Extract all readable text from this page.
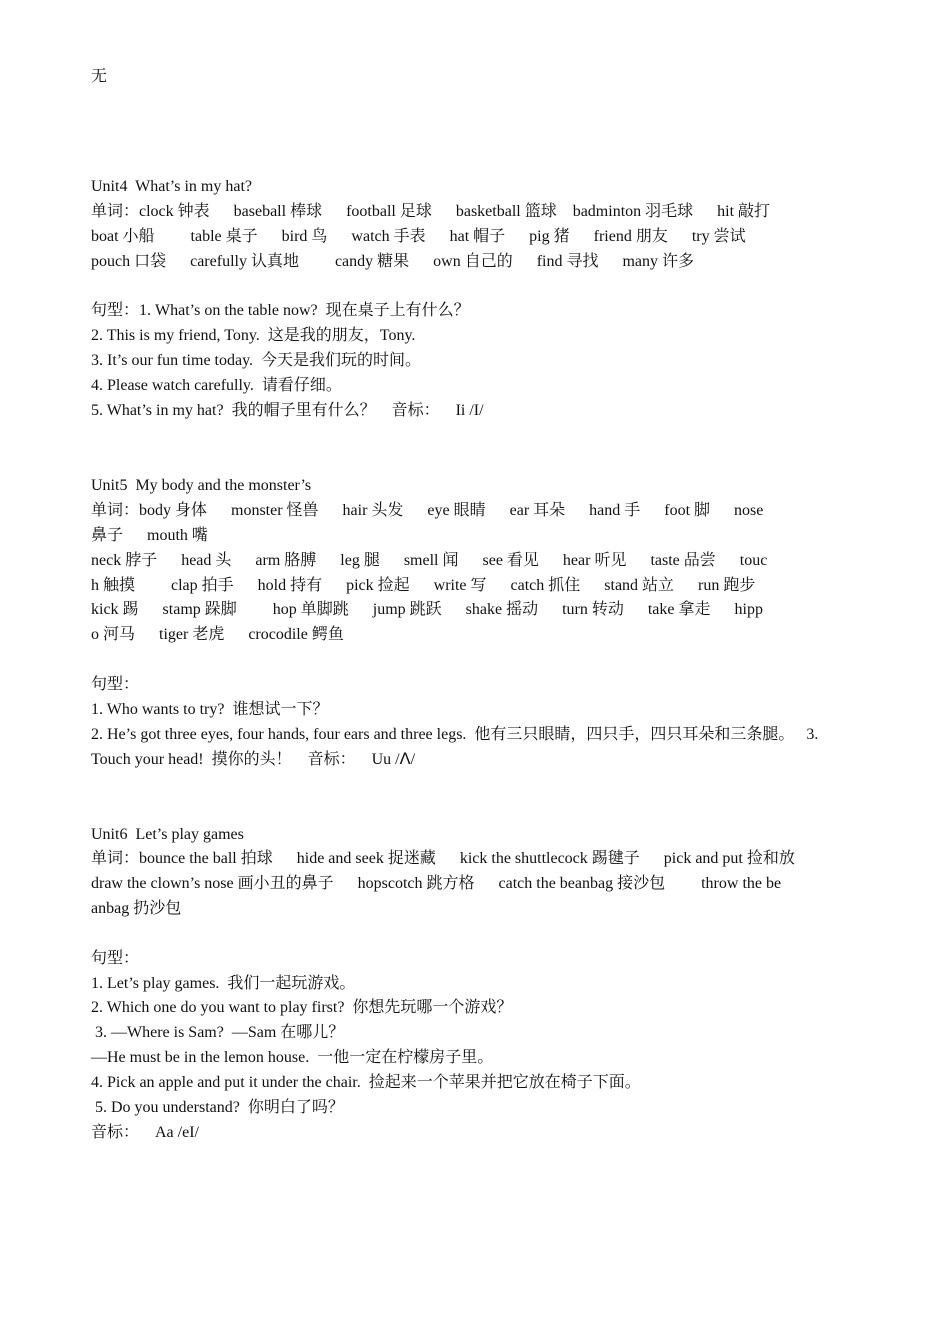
无
Unit4  What’s in my hat?
单词：clock 钟表      baseball 棒球      football 足球      basketball 篮球    badminton 羽毛球      hit 敲打
boat 小船         table 桌子      bird 鸟      watch 手表      hat 帽子      pig 猪      friend 朋友      try 尝试
pouch 口袋      carefully 认真地         candy 糖果      own 自己的      find 寻找      many 许多
句型：1. What’s on the table now?  现在桌子上有什么？
2. This is my friend, Tony.  这是我的朋友，Tony.
3. It’s our fun time today.  今天是我们玩的时间。
4. Please watch carefully.  请看仔细。
5. What’s in my hat?  我的帽子里有什么？    音标：    Ii /I/
Unit5  My body and the monster’s
单词：body 身体      monster 怪兽      hair 头发      eye 眼睛      ear 耳朵      hand 手      foot 脚      nose
鼻子      mouth 嘴
neck 脖子      head 头      arm 胳膊      leg 腿      smell 闻      see 看见      hear 听见      taste 品尝      touc
h 触摸         clap 拍手      hold 持有      pick 捡起      write 写      catch 抓住      stand 站立      run 跑步
kick 踢      stamp 跺脚         hop 单脚跳      jump 跳跃      shake 摇动      turn 转动      take 拿走      hipp
o 河马      tiger 老虎      crocodile 鳄鱼
句型：
1. Who wants to try?  谁想试一下？
2. He’s got three eyes, four hands, four ears and three legs.  他有三只眼睛，四只手，四只耳朵和三条腿。   3.
Touch your head!  摸你的头！    音标：    Uu /ᐱ/
Unit6  Let’s play games
单词：bounce the ball 拍球      hide and seek 捉迷藏      kick the shuttlecock 踢毽子      pick and put 捡和放
draw the clown’s nose 画小丑的鼻子      hopscotch 跳方格      catch the beanbag 接沙包         throw the be
anbag 扔沙包
句型：
1. Let’s play games.  我们一起玩游戏。
2. Which one do you want to play first?  你想先玩哪一个游戏？
3. —Where is Sam?  —Sam 在哪儿？
—He must be in the lemon house.  一他一定在柠檬房子里。
4. Pick an apple and put it under the chair.  捡起来一个苹果并把它放在椅子下面。
5. Do you understand?  你明白了吗？
音标：    Aa /eI/
